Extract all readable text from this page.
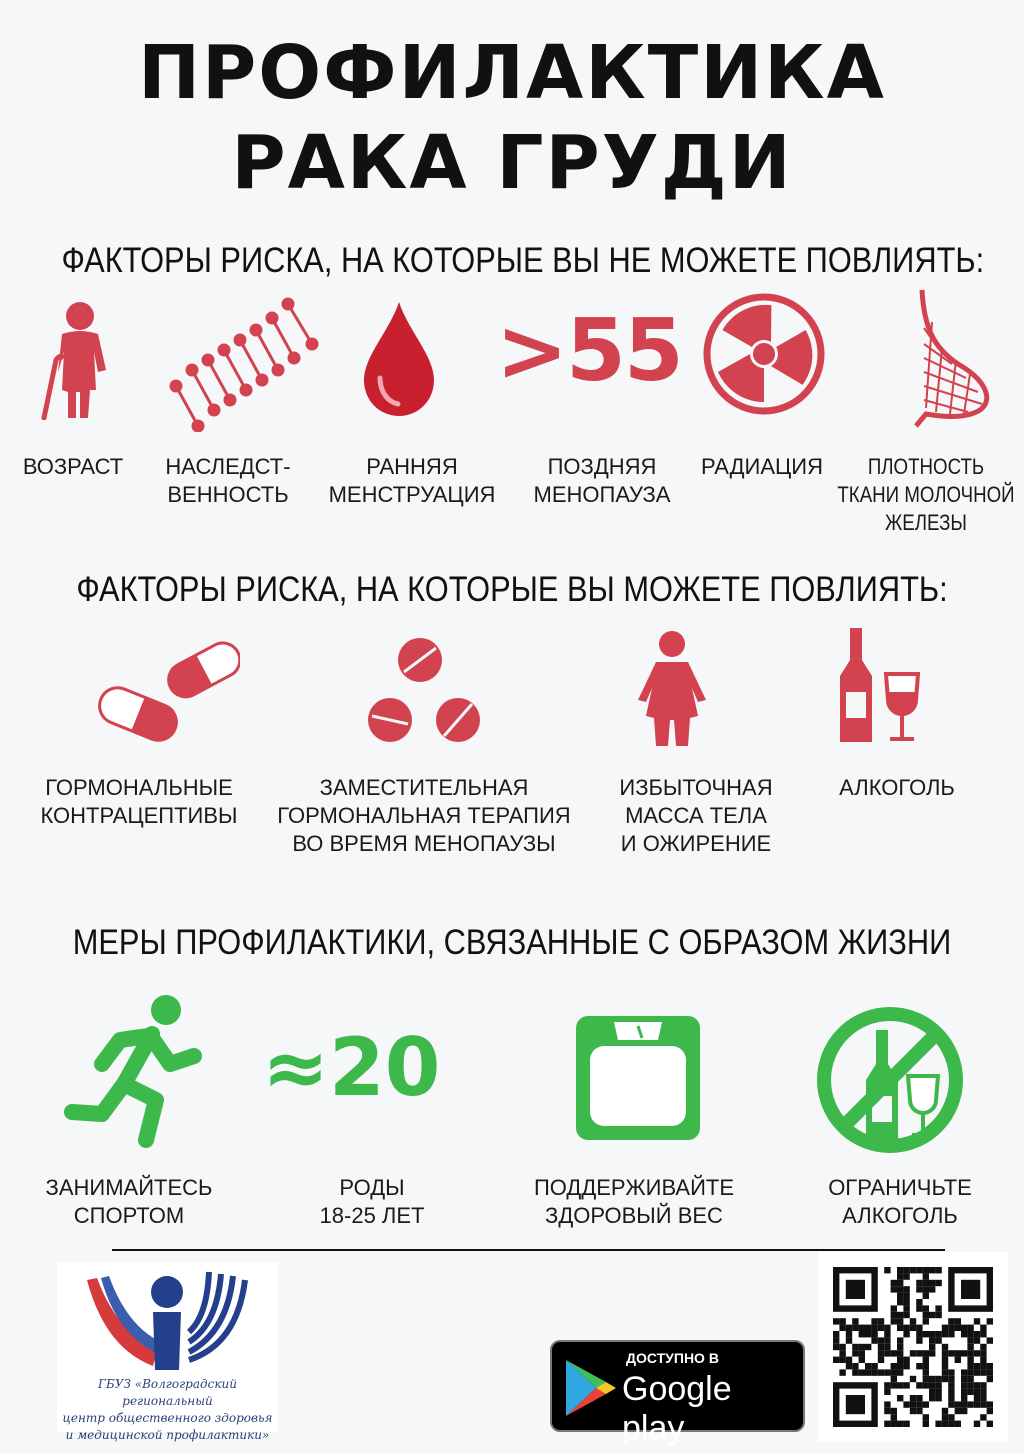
ПРОФИЛАКТИКА
РАКА ГРУДИ
ФАКТОРЫ РИСКА, НА КОТОРЫЕ ВЫ НЕ МОЖЕТЕ ПОВЛИЯТЬ:
>55
ВОЗРАСТ	НАСЛЕДСТ-
ВЕННОСТЬ
РАННЯЯ
МЕНСТРУАЦИЯ
ПОЗДНЯЯ
МЕНОПАУЗА
РАДИАЦИЯ	ПЛОТНОСТЬ
ТКАНИ МОЛОЧНОЙ
ЖЕЛЕЗЫ
ФАКТОРЫ РИСКА, НА КОТОРЫЕ ВЫ МОЖЕТЕ ПОВЛИЯТЬ:
ГОРМОНАЛЬНЫЕ
КОНТРАЦЕПТИВЫ
ЗАМЕСТИТЕЛЬНАЯ
ГОРМОНАЛЬНАЯ ТЕРАПИЯ
ВО ВРЕМЯ МЕНОПАУЗЫ
ИЗБЫТОЧНАЯ
МАССА ТЕЛА
И ОЖИРЕНИЕ
АЛКОГОЛЬ
МЕРЫ ПРОФИЛАКТИКИ, СВЯЗАННЫЕ С ОБРАЗОМ ЖИЗНИ
≈20
ЗАНИМАЙТЕСЬ
СПОРТОМ
РОДЫ
18-25 ЛЕТ
ПОДДЕРЖИВАЙТЕ
ЗДОРОВЫЙ ВЕС
ОГРАНИЧЬТЕ
АЛКОГОЛЬ
ГБУЗ «Волгоградский региональный
центр общественного здоровья
и медицинской профилактики»
ДОСТУПНО В
Google play
